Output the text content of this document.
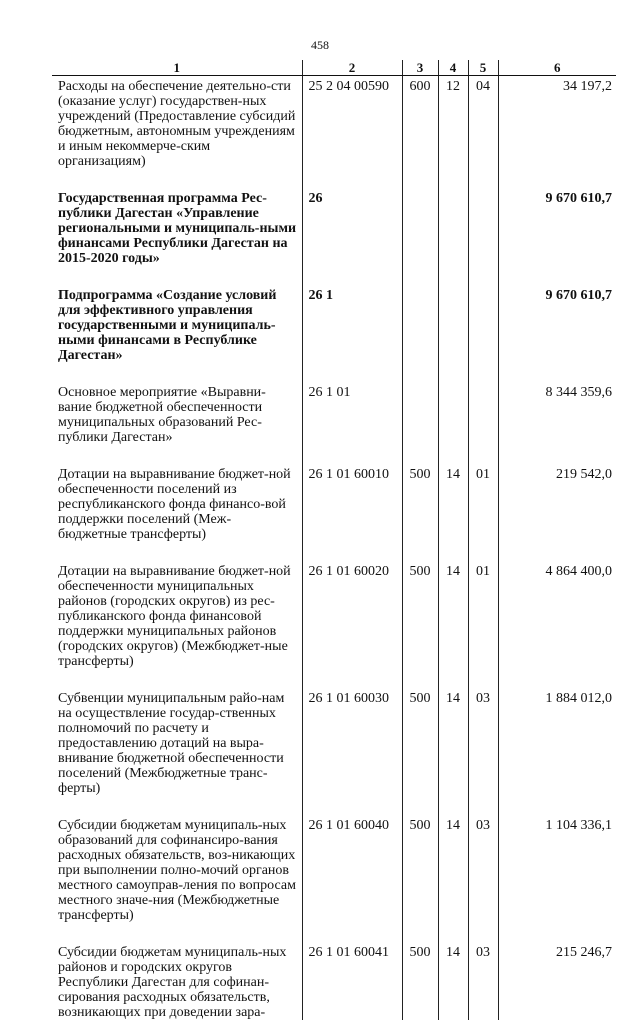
458
1	2	3	4	5	6
Расходы на обеспечение деятельно-сти (оказание услуг) государствен-ных учреждений (Предоставление субсидий бюджетным, автономным учреждениям и иным некоммерче-ским организациям)	25 2 04 00590	600	12	04	34 197,2
Государственная программа Рес-публики Дагестан «Управление региональными и муниципаль-ными финансами Республики Дагестан на 2015-2020 годы»	26				9 670 610,7
Подпрограмма «Создание условий для эффективного управления государственными и муниципаль-ными финансами в Республике Дагестан»	26 1				9 670 610,7
Основное мероприятие «Выравни-вание бюджетной обеспеченности муниципальных образований Рес-публики Дагестан»	26 1 01				8 344 359,6
Дотации на выравнивание бюджет-ной обеспеченности поселений из республиканского фонда финансо-вой поддержки поселений (Меж-бюджетные трансферты)	26 1 01 60010	500	14	01	219 542,0
Дотации на выравнивание бюджет-ной обеспеченности муниципальных районов (городских округов) из рес-публиканского фонда финансовой поддержки муниципальных районов (городских округов) (Межбюджет-ные трансферты)	26 1 01 60020	500	14	01	4 864 400,0
Субвенции муниципальным райо-нам на осуществление государ-ственных полномочий по расчету и предоставлению дотаций на выра-внивание бюджетной обеспеченности поселений (Межбюджетные транс-ферты)	26 1 01 60030	500	14	03	1 884 012,0
Субсидии бюджетам муниципаль-ных образований для софинансиро-вания расходных обязательств, воз-никающих при выполнении полно-мочий органов местного самоуправ-ления по вопросам местного значе-ния (Межбюджетные трансферты)	26 1 01 60040	500	14	03	1 104 336,1
Субсидии бюджетам муниципаль-ных районов и городских округов Республики Дагестан для софинан-сирования расходных обязательств, возникающих при доведении зара-	26 1 01 60041	500	14	03	215 246,7
